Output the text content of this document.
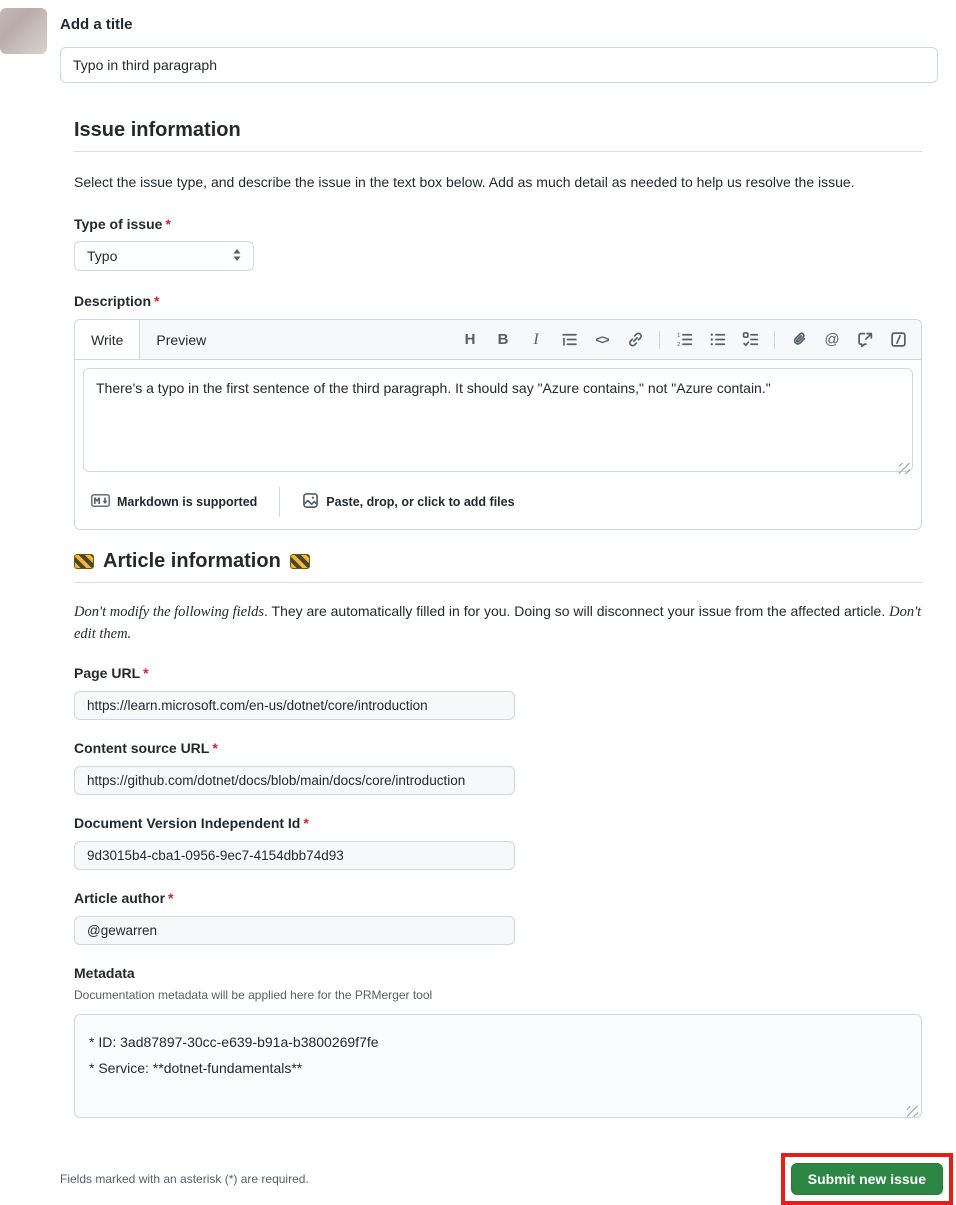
Add a title
Typo in third paragraph
Issue information

Select the issue type, and describe the issue in the text box below. Add as much detail as needed to help us resolve the issue.

Type of issue *
Typo
Description *
Write	Preview	H	B	I	<>	1
2	@
There's a typo in the first sentence of the third paragraph. It should say "Azure contains," not "Azure contain."
Markdown is supported	Paste, drop, or click to add files
Article information

Don't modify the following fields. They are automatically filled in for you. Doing so will disconnect your issue from the affected article. Don't edit them.

Page URL *
https://learn.microsoft.com/en-us/dotnet/core/introduction
Content source URL *
https://github.com/dotnet/docs/blob/main/docs/core/introduction
Document Version Independent Id *
9d3015b4-cba1-0956-9ec7-4154dbb74d93
Article author *
@gewarren
Metadata
Documentation metadata will be applied here for the PRMerger tool
* ID: 3ad87897-30cc-e639-b91a-b3800269f7fe * Service: **dotnet-fundamentals**
Fields marked with an asterisk (*) are required.	Submit new issue
